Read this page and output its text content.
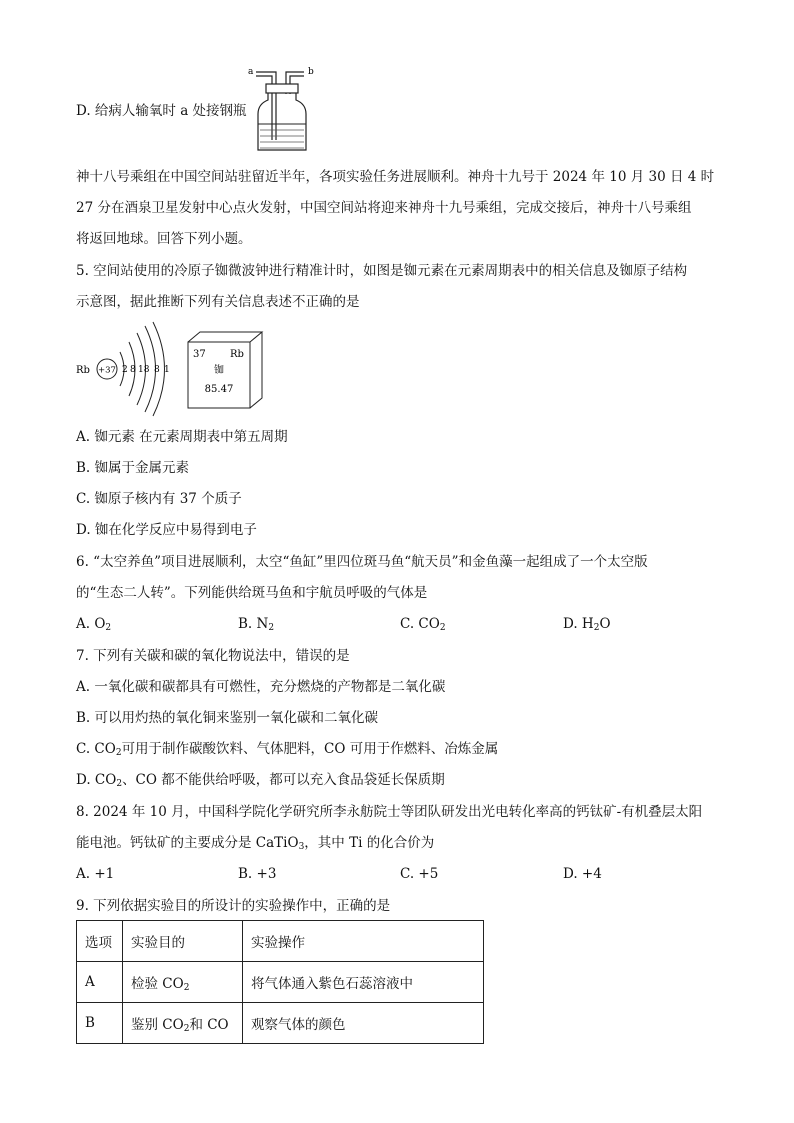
D. 给病人输氧时 a 处接钢瓶
a	b
神十八号乘组在中国空间站驻留近半年，各项实验任务进展顺利。神舟十九号于 2024 年 10 月 30 日 4 时
27 分在酒泉卫星发射中心点火发射，中国空间站将迎来神舟十九号乘组，完成交接后，神舟十八号乘组
将返回地球。回答下列小题。
5. 空间站使用的冷原子铷微波钟进行精准计时，如图是铷元素在元素周期表中的相关信息及铷原子结构
示意图，据此推断下列有关信息表述不正确的是
Rb +37 2 8 18 8 1
37 Rb
铷
85.47
A. 铷元素 在元素周期表中第五周期
B. 铷属于金属元素
C. 铷原子核内有 37 个质子
D. 铷在化学反应中易得到电子
6. “太空养鱼”项目进展顺利，太空“鱼缸”里四位斑马鱼“航天员”和金鱼藻一起组成了一个太空版
的“生态二人转”。下列能供给斑马鱼和宇航员呼吸的气体是
A. $O_2$	B. $N_2$	C. $CO_2$	D. $H_2O$
7. 下列有关碳和碳的氧化物说法中，错误的是
A. 一氧化碳和碳都具有可燃性，充分燃烧的产物都是二氧化碳
B. 可以用灼热的氧化铜来鉴别一氧化碳和二氧化碳
C. $CO_2$可用于制作碳酸饮料、气体肥料，CO 可用于作燃料、冶炼金属
D. $CO_2$、CO 都不能供给呼吸，都可以充入食品袋延长保质期
8. 2024 年 10 月，中国科学院化学研究所李永舫院士等团队研发出光电转化率高的钙钛矿-有机叠层太阳
能电池。钙钛矿的主要成分是 CaTiO$_3$，其中 Ti 的化合价为
A. +1	B. +3	C. +5	D. +4
9. 下列依据实验目的所设计的实验操作中，正确的是
选项	实验目的	实验操作
A	检验 $CO_2$	将气体通入紫色石蕊溶液中
B	鉴别 $CO_2$和 CO	观察气体的颜色
